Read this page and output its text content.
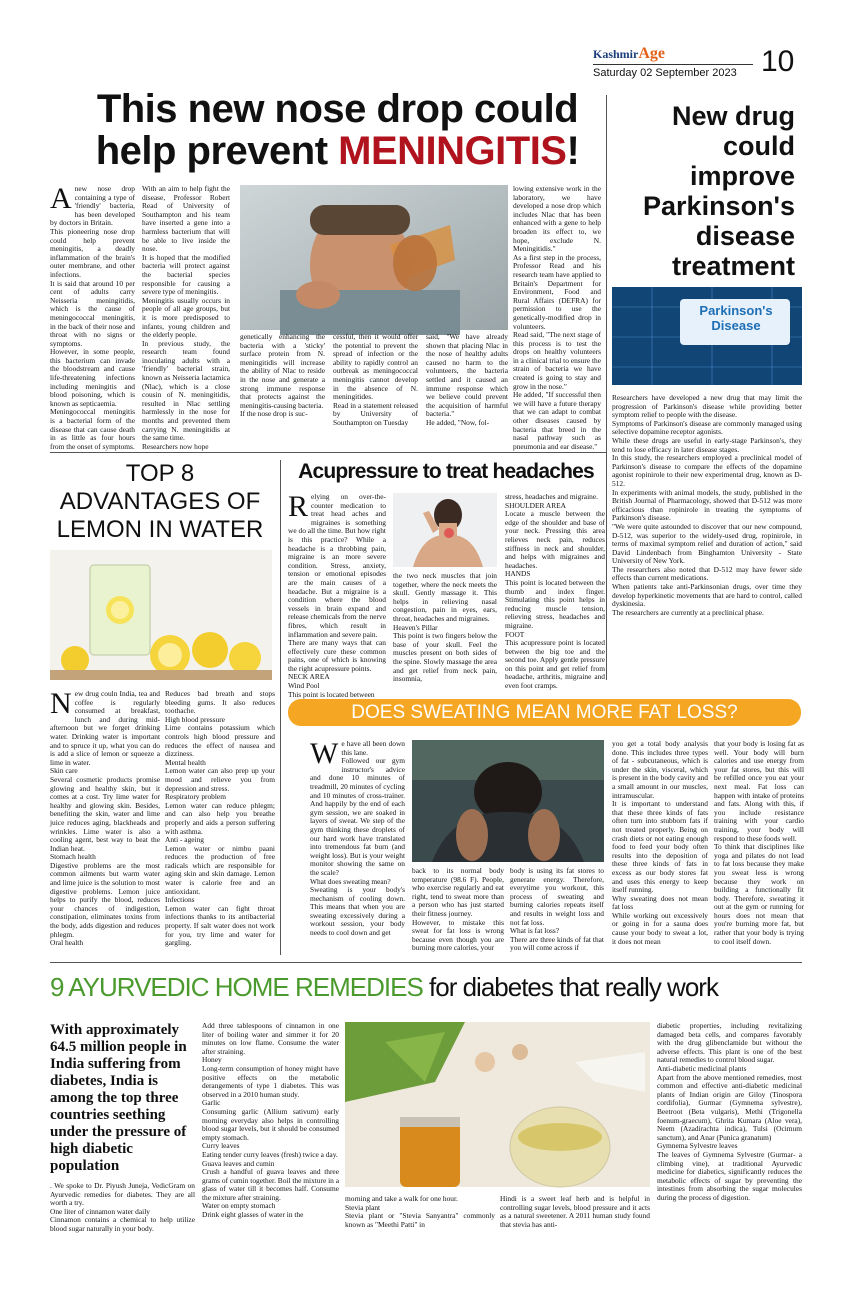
KashmirAge
Saturday 02 September 2023 10
This new nose drop could
help prevent MENINGITIS!
Anew nose drop containing a type of 'friendly' bacteria, has been developed by doctors in Britain.
This pioneering nose drop could help prevent meningitis, a deadly inflammation of the brain's outer membrane, and other infections.
It is said that around 10 per cent of adults carry Neisseria meningitidis, which is the cause of meningococcal meningitis, in the back of their nose and throat with no signs or symptoms.
However, in some people, this bacterium can invade the bloodstream and cause life-threatening infections including meningitis and blood poisoning, which is known as septicaemia.
Meningococcal meningitis is a bacterial form of the disease that can cause death in as little as four hours from the onset of symptoms.
With an aim to help fight the disease, Professor Robert Read of University of Southampton and his team have inserted a gene into a harmless bacterium that will be able to live inside the nose.
It is hoped that the modified bacteria will protect against the bacterial species responsible for causing a severe type of meningitis.
Meningitis usually occurs in people of all age groups, but it is more predisposed to infants, young children and the elderly people.
In previous study, the research team found inoculating adults with a 'friendly' bacterial strain, known as Neisseria lactamica (Nlac), which is a close cousin of N. meningitidis, resulted in Nlac settling harmlessly in the nose for months and prevented them carrying N. meningitidis at the same time.
Researchers now hope
genetically enhancing the bacteria with a 'sticky' surface protein from N. meningitidis will increase the ability of Nlac to reside in the nose and generate a strong immune response that protects against the meningitis-causing bacteria.
If the nose drop is suc-
cessful, then it would offer the potential to prevent the spread of infection or the ability to rapidly control an outbreak as meningococcal meningitis cannot develop in the absence of N. meningitides.
Read in a statement released by University of Southampton on Tuesday
said, "We have already shown that placing Nlac in the nose of healthy adults caused no harm to the volunteers, the bacteria settled and it caused an immune response which we believe could prevent the acquisition of harmful bacteria."
He added, "Now, fol-
lowing extensive work in the laboratory, we have developed a nose drop which includes Nlac that has been enhanced with a gene to help broaden its effect to, we hope, exclude N. Meningitidis."
As a first step in the process, Professor Read and his research team have applied to Britain's Department for Environment, Food and Rural Affairs (DEFRA) for permission to use the genetically-modified drop in volunteers.
Read said, "The next stage of this process is to test the drops on healthy volunteers in a clinical trial to ensure the strain of bacteria we have created is going to stay and grow in the nose."
He added, "If successful then we will have a future therapy that we can adapt to combat other diseases caused by bacteria that breed in the nasal pathway such as pneumonia and ear disease."
New drug could improve Parkinson's disease treatment
Parkinson's
Disease
Researchers have developed a new drug that may limit the progression of Parkinson's disease while providing better symptom relief to people with the disease.
Symptoms of Parkinson's disease are commonly managed using selective dopamine receptor agonists.
While these drugs are useful in early-stage Parkinson's, they tend to lose efficacy in later disease stages.
In this study, the researchers employed a preclinical model of Parkinson's disease to compare the effects of the dopamine agonist ropinirole to their new experimental drug, known as D-512.
In experiments with animal models, the study, published in the British Journal of Pharmacology, showed that D-512 was more efficacious than ropinirole in treating the symptoms of Parkinson's disease.
"We were quite astounded to discover that our new compound, D-512, was superior to the widely-used drug, ropinirole, in terms of maximal symptom relief and duration of action," said David Lindenbach from Binghamton University - State University of New York.
The researchers also noted that D-512 may have fewer side effects than current medications.
When patients take anti-Parkinsonian drugs, over time they develop hyperkinetic movements that are hard to control, called dyskinesia.
The researchers are currently at a preclinical phase.
TOP 8 ADVANTAGES OF LEMON IN WATER
New drug couln India, tea and coffee is regularly consumed at breakfast, lunch and during mid-afternoon but we forget drinking water. Drinking water is important and to spruce it up, what you can do is add a slice of lemon or squeeze a lime in water.
Skin care
Several cosmetic products promise glowing and healthy skin, but it comes at a cost. Try lime water for healthy and glowing skin. Besides, benefiting the skin, water and lime juice reduces aging, blackheads and wrinkles. Lime water is also a cooling agent, best way to beat the Indian heat.
Stomach health
Digestive problems are the most common ailments but warm water and lime juice is the solution to most digestive problems. Lemon juice helps to purify the blood, reduces your chances of indigestion, constipation, eliminates toxins from the body, adds digestion and reduces phlegm.
Oral health
Reduces bad breath and stops bleeding gums. It also reduces toothache.
High blood pressure
Lime contains potassium which controls high blood pressure and reduces the effect of nausea and dizziness.
Mental health
Lemon water can also prep up your mood and relieve you from depression and stress.
Respiratory problem
Lemon water can reduce phlegm; and can also help you breathe properly and aids a person suffering with asthma.
Anti - ageing
Lemon water or nimbu paani reduces the production of free radicals which are responsible for aging skin and skin damage. Lemon water is calorie free and an antioxidant.
Infections
Lemon water can fight throat infections thanks to its antibacterial property. If salt water does not work for you, try lime and water for gargling.
Acupressure to treat headaches
Relying on over-the-counter medication to treat head aches and migraines is something we do all the time. But how right is this practice? While a headache is a throbbing pain, migraine is an more severe condition. Stress, anxiety, tension or emotional episodes are the main causes of a headache. But a migraine is a condition where the blood vessels in brain expand and release chemicals from the nerve fibres, which result in inflammation and severe pain.
There are many ways that can effectively cure these common pains, one of which is knowing the right acupressure points.
NECK AREA
Wind Pool
This point is located between
the two neck muscles that join together, where the neck meets the skull. Gently massage it. This helps in relieving nasal congestion, pain in eyes, ears, throat, headaches and migraines.
Heaven's Pillar
This point is two fingers below the base of your skull. Feel the muscles present on both sides of the spine. Slowly massage the area and get relief from neck pain, insomnia,
stress, headaches and migraine.
SHOULDER AREA
Locate a muscle between the edge of the shoulder and base of your neck. Pressing this area relieves neck pain, reduces stiffness in neck and shoulder, and helps with migraines and headaches.
HANDS
This point is located between the thumb and index finger. Stimulating this point helps in reducing muscle tension, relieving stress, headaches and migraine.
FOOT
This acupressure point is located between the big toe and the second toe. Apply gentle pressure on this point and get relief from headache, arthritis, migraine and even foot cramps.
DOES SWEATING MEAN MORE FAT LOSS?
We have all been down this lane.
Followed our gym instructor's advice and done 10 minutes of treadmill, 20 minutes of cycling and 10 minutes of cross-trainer. And happily by the end of each gym session, we are soaked in layers of sweat. We step of the gym thinking these droplets of our hard work have translated into tremendous fat burn (and weight loss). But is your weight monitor showing the same on the scale?
What does sweating mean?
Sweating is your body's mechanism of cooling down. This means that when you are sweating excessively during a workout session, your body needs to cool down and get
back to its normal body temperature (98.6 F). People, who exercise regularly and eat right, tend to sweat more than a person who has just started their fitness journey.
However, to mistake this sweat for fat loss is wrong because even though you are burning more calories, your
body is using its fat stores to generate energy. Therefore, everytime you workout, this process of sweating and burning calories repeats itself and results in weight loss and not fat loss.
What is fat loss?
There are three kinds of fat that you will come across if
you get a total body analysis done. This includes three types of fat - subcutaneous, which is under the skin, visceral, which is present in the body cavity and a small amount in our muscles, intramuscular.
It is important to understand that these three kinds of fats often turn into stubborn fats if not treated properly. Being on crash diets or not eating enough food to feed your body often results into the deposition of these three kinds of fats in excess as our body stores fat and uses this energy to keep itself running.
Why sweating does not mean fat loss
While working out excessively or going in for a sauna does cause your body to sweat a lot, it does not mean
that your body is losing fat as well. Your body will burn calories and use energy from your fat stores, but this will be refilled once you eat your next meal. Fat loss can happen with intake of proteins and fats. Along with this, if you include resistance training with your cardio training, your body will respond to these foods well.
To think that disciplines like yoga and pilates do not lead to fat loss because they make you sweat less is wrong because they work on building a functionally fit body. Therefore, sweating it out at the gym or running for hours does not mean that you're burning more fat, but rather that your body is trying to cool itself down.
9 AYURVEDIC HOME REMEDIES for diabetes that really work
With approximately 64.5 million people in India suffering from diabetes, India is among the top three countries seething under the pressure of high diabetic population
. We spoke to Dr. Piyush Juneja, VedicGram on Ayurvedic remedies for diabetes. They are all worth a try.
One liter of cinnamon water daily
Cinnamon contains a chemical to help utilize blood sugar naturally in your body.
Add three tablespoons of cinnamon in one liter of boiling water and simmer it for 20 minutes on low flame. Consume the water after straining.
Honey
Long-term consumption of honey might have positive effects on the metabolic derangements of type 1 diabetes. This was observed in a 2010 human study.
Garlic
Consuming garlic (Allium sativum) early morning everyday also helps in controlling blood sugar levels, but it should be consumed empty stomach.
Curry leaves
Eating tender curry leaves (fresh) twice a day.
Guava leaves and cumin
Crush a handful of guava leaves and three grams of cumin together. Boil the mixture in a glass of water till it becomes half. Consume the mixture after straining.
Water on empty stomach
Drink eight glasses of water in the
morning and take a walk for one hour.
Stevia plant
Stevia plant or "Stevia Sanyantra" commonly known as "Meethi Patti" in
Hindi is a sweet leaf herb and is helpful in controlling sugar levels, blood pressure and it acts as a natural sweetener. A 2011 human study found that stevia has anti-
diabetic properties, including revitalizing damaged beta cells, and compares favorably with the drug glibenclamide but without the adverse effects. This plant is one of the best natural remedies to control blood sugar.
Anti-diabetic medicinal plants
Apart from the above mentioned remedies, most common and effective anti-diabetic medicinal plants of Indian origin are Giloy (Tinospora cordifolia), Gurmar (Gymnema sylvestre), Beetroot (Beta vulgaris), Methi (Trigonella foenum-graecum), Ghrita Kumara (Aloe vera), Neem (Azadirachta indica), Tulsi (Ocimum sanctum), and Anar (Punica granatum)
Gymnema Sylvestre leaves
The leaves of Gymnema Sylvestre (Gurmar- a climbing vine), at traditional Ayurvedic medicine for diabetics, significantly reduces the metabolic effects of sugar by preventing the intestines from absorbing the sugar molecules during the process of digestion.
